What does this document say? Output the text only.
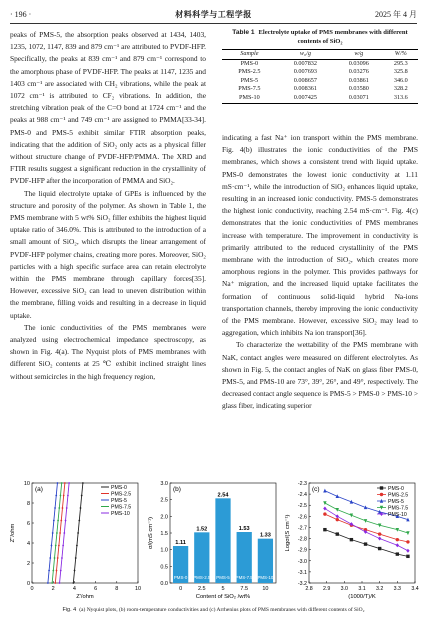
· 196 ·	材料科学与工程学报	2025 年 4 月

peaks of PMS-5, the absorption peaks observed at 1434, 1403, 1235, 1072, 1147, 839 and 879 cm⁻¹ are attributed to PVDF-HFP. Specifically, the peaks at 839 cm⁻¹ and 879 cm⁻¹ correspond to the amorphous phase of PVDF-HFP. The peaks at 1147, 1235 and 1403 cm⁻¹ are associated with CH₂ vibrations, while the peak at 1072 cm⁻¹ is attributed to CF₂ vibrations. In addition, the stretching vibration peak of the C=O bond at 1724 cm⁻¹ and the peaks at 988 cm⁻¹ and 749 cm⁻¹ are assigned to PMMA[33-34]. PMS-0 and PMS-5 exhibit similar FTIR absorption peaks, indicating that the addition of SiO₂ only acts as a physical filler without structure change of PVDF-HFP/PMMA. The XRD and FTIR results suggest a significant reduction in the crystallinity of PVDF-HFP after the incorporation of PMMA and SiO₂.

The liquid electrolyte uptake of GPEs is influenced by the structure and porosity of the polymer. As shown in Table 1, the PMS membrane with 5 wt% SiO₂ filler exhibits the highest liquid uptake ratio of 346.0%. This is attributed to the introduction of a small amount of SiO₂, which disrupts the linear arrangement of PVDF-HFP polymer chains, creating more pores. Moreover, SiO₂ particles with a high specific surface area can retain electrolyte within the PMS membrane through capillary forces[35]. However, excessive SiO₂ can lead to uneven distribution within the membrane, filling voids and resulting in a decrease in liquid uptake.

The ionic conductivities of the PMS membranes were analyzed using electrochemical impedance spectroscopy, as shown in Fig. 4(a). The Nyquist plots of PMS membranes with different SiO₂ contents at 25 ℃ exhibit inclined straight lines without semicircles in the high frequency region,

Table 1 Electrolyte uptake of PMS membranes with different contents of SiO₂
Sample	w₀/g	w/g	W/%
PMS-0	0.007832	0.03096	295.3
PMS-2.5	0.007693	0.03276	325.8
PMS-5	0.008657	0.03861	346.0
PMS-7.5	0.008361	0.03580	328.2
PMS-10	0.007425	0.03071	313.6

indicating a fast Na⁺ ion transport within the PMS membrane. Fig. 4(b) illustrates the ionic conductivities of the PMS membranes, which shows a consistent trend with liquid uptake. PMS-0 demonstrates the lowest ionic conductivity at 1.11 mS·cm⁻¹, while the introduction of SiO₂ enhances liquid uptake, resulting in an increased ionic conductivity. PMS-5 demonstrates the highest ionic conductivity, reaching 2.54 mS·cm⁻¹. Fig. 4(c) demonstrates that the ionic conductivities of PMS membranes increase with temperature. The improvement in conductivity is primarily attributed to the reduced crystallinity of the PMS membrane with the introduction of SiO₂, which creates more amorphous regions in the polymer. This provides pathways for Na⁺ migration, and the increased liquid uptake facilitates the formation of continuous solid-liquid hybrid Na-ions transportation channels, thereby improving the ionic conductivity of the PMS membrane. However, excessive SiO₂ may lead to aggregation, which inhibits Na ion transport[36].

To characterize the wettability of the PMS membrane with NaK, contact angles were measured on different electrolytes. As shown in Fig. 5, the contact angles of NaK on glass fiber PMS-0, PMS-5, and PMS-10 are 73°, 39°, 26°, and 49°, respectively. The decreased contact angle sequence is PMS-5 > PMS-0 > PMS-10 > glass fiber, indicating superior

(a)
0	2	4	6	8	10
0
2
4
6
8
10
Z'/ohm
Z''/ohm
PMS-0
PMS-2.5
PMS-5
PMS-7.5
PMS-10
(b)
0.0
0.5
1.0
1.5
2.0
2.5
3.0
1.11
PMS-0
0
1.52
PMS-2.5
2.5
2.54
PMS-5
5
1.53
PMS-7.5
7.5
1.33
PMS-10
10
Content of SiO₂ /wt%
σ/(mS cm⁻¹)
(c)
2.8 2.9 3.0 3.1 3.2 3.3 3.4
-2.3
-2.4
-2.5
-2.6
-2.7
-2.8
-2.9
-3.0
-3.1
-3.2
(1000/T)/K
Logσ/(S cm⁻¹)
PMS-0
PMS-2.5
PMS-5
PMS-7.5
PMS-10
Fig. 4 (a) Nyquist plots, (b) room-temperature conductivities and (c) Arrhenius plots of PMS membranes with different contents of SiO₂
